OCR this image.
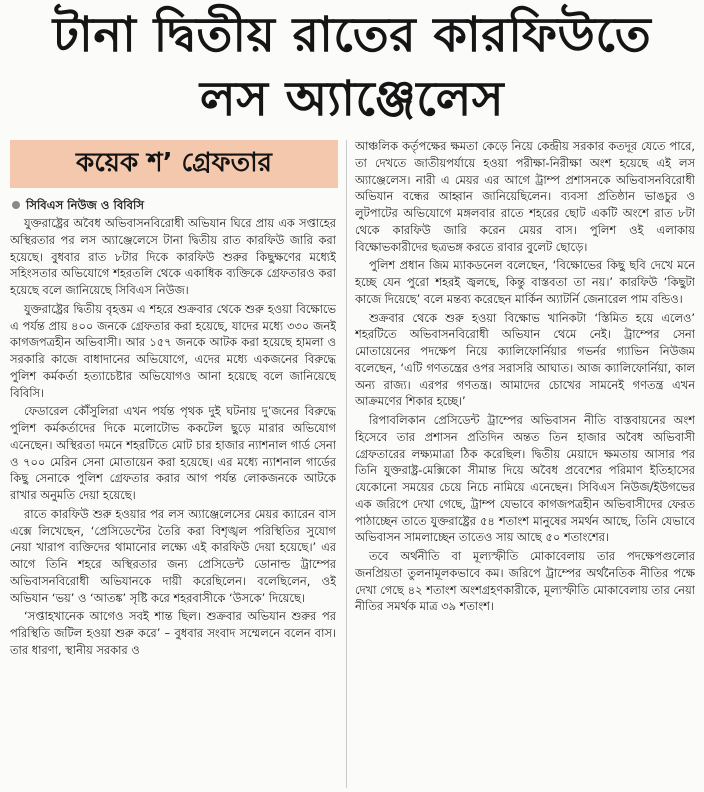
টানা দ্বিতীয় রাতের কারফিউতে
লস অ্যাঞ্জেলেস
কয়েক শ’ গ্রেফতার
সিবিএস নিউজ ও বিবিসি

যুক্তরাষ্ট্রের অবৈধ অভিবাসনবিরোধী অভিযান ঘিরে প্রায় এক সপ্তাহের অস্থিরতার পর লস অ্যাঞ্জেলেসে টানা দ্বিতীয় রাত কারফিউ জারি করা হয়েছে। বুধবার রাত ৮টার দিকে কারফিউ শুরুর কিছুক্ষণের মধ্যেই সহিংসতার অভিযোগে শহরতলি থেকে একাধিক ব্যক্তিকে গ্রেফতারও করা হয়েছে বলে জানিয়েছে সিবিএস নিউজ।

যুক্তরাষ্ট্রের দ্বিতীয় বৃহত্তম এ শহরে শুক্রবার থেকে শুরু হওয়া বিক্ষোভে এ পর্যন্ত প্রায় ৪০০ জনকে গ্রেফতার করা হয়েছে, যাদের মধ্যে ৩৩০ জনই কাগজপত্রহীন অভিবাসী। আর ১৫৭ জনকে আটক করা হয়েছে হামলা ও সরকারি কাজে বাধাদানের অভিযোগে, এদের মধ্যে একজনের বিরুদ্ধে পুলিশ কর্মকর্তা হত্যাচেষ্টার অভিযোগও আনা হয়েছে বলে জানিয়েছে বিবিসি।

ফেডারেল কৌঁসুলিরা এখন পর্যন্ত পৃথক দুই ঘটনায় দু’জনের বিরুদ্ধে পুলিশ কর্মকর্তাদের দিকে মলোটোভ ককটেল ছুড়ে মারার অভিযোগ এনেছেন। অস্থিরতা দমনে শহরটিতে মোট চার হাজার ন্যাশনাল গার্ড সেনা ও ৭০০ মেরিন সেনা মোতায়েন করা হয়েছে। এর মধ্যে ন্যাশনাল গার্ডের কিছু সেনাকে পুলিশ গ্রেফতার করার আগ পর্যন্ত লোকজনকে আটকে রাখার অনুমতি দেয়া হয়েছে।

রাতে কারফিউ শুরু হওয়ার পর লস অ্যাঞ্জেলেসের মেয়র ক্যারেন বাস এক্সে লিখেছেন, ‘প্রেসিডেন্টের তৈরি করা বিশৃঙ্খল পরিস্থিতির সুযোগ নেয়া খারাপ ব্যক্তিদের থামানোর লক্ষ্যে এই কারফিউ দেয়া হয়েছে।’ এর আগে তিনি শহরে অস্থিরতার জন্য প্রেসিডেন্ট ডোনাল্ড ট্রাম্পের অভিবাসনবিরোধী অভিযানকে দায়ী করেছিলেন। বলেছিলেন, ওই অভিযান ‘ভয়’ ও ‘আতঙ্ক’ সৃষ্টি করে শহরবাসীকে ‘উসকে’ দিয়েছে।

‘সপ্তাহখানেক আগেও সবই শান্ত ছিল। শুক্রবার অভিযান শুরুর পর পরিস্থিতি জটিল হওয়া শুরু করে’ – বুধবার সংবাদ সম্মেলনে বলেন বাস। তার ধারণা, স্থানীয় সরকার ও

আঞ্চলিক কর্তৃপক্ষের ক্ষমতা কেড়ে নিয়ে কেন্দ্রীয় সরকার কতদূর যেতে পারে, তা দেখতে জাতীয়পর্যায়ে হওয়া পরীক্ষা-নিরীক্ষা অংশ হয়েছে এই লস অ্যাঞ্জেলেস। নারী এ মেয়র এর আগে ট্রাম্প প্রশাসনকে অভিবাসনবিরোধী অভিযান বন্ধের আহ্বান জানিয়েছিলেন। ব্যবসা প্রতিষ্ঠান ভাঙচুর ও লুটপাটের অভিযোগে মঙ্গলবার রাতে শহরের ছোট একটি অংশে রাত ৮টা থেকে কারফিউ জারি করেন মেয়র বাস। পুলিশ ওই এলাকায় বিক্ষোভকারীদের ছত্রভঙ্গ করতে রাবার বুলেট ছোড়ে।

পুলিশ প্রধান জিম ম্যাকডনেল বলেছেন, ‘বিক্ষোভের কিছু ছবি দেখে মনে হচ্ছে যেন পুরো শহরই জ্বলছে, কিন্তু বাস্তবতা তা নয়।’ কারফিউ ‘কিছুটা কাজে দিয়েছে’ বলে মন্তব্য করেছেন মার্কিন অ্যাটর্নি জেনারেল পাম বন্ডিও।

শুক্রবার থেকে শুরু হওয়া বিক্ষোভ খানিকটা ‘স্তিমিত হয়ে এলেও’ শহরটিতে অভিবাসনবিরোধী অভিযান থেমে নেই। ট্রাম্পের সেনা মোতায়েনের পদক্ষেপ নিয়ে ক্যালিফোর্নিয়ার গভর্নর গ্যাভিন নিউজম বলেছেন, ‘এটি গণতন্ত্রের ওপর সরাসরি আঘাত। আজ ক্যালিফোর্নিয়া, কাল অন্য রাজ্য। এরপর গণতন্ত্র। আমাদের চোখের সামনেই গণতন্ত্র এখন আক্রমণের শিকার হচ্ছে।’

রিপাবলিকান প্রেসিডেন্ট ট্রাম্পের অভিবাসন নীতি বাস্তবায়নের অংশ হিসেবে তার প্রশাসন প্রতিদিন অন্তত তিন হাজার অবৈধ অভিবাসী গ্রেফতারের লক্ষ্যমাত্রা ঠিক করেছিল। দ্বিতীয় মেয়াদে ক্ষমতায় আসার পর তিনি যুক্তরাষ্ট্র-মেক্সিকো সীমান্ত দিয়ে অবৈধ প্রবেশের পরিমাণ ইতিহাসের যেকোনো সময়ের চেয়ে নিচে নামিয়ে এনেছেন। সিবিএস নিউজ/ইউগভের এক জরিপে দেখা গেছে, ট্রাম্প যেভাবে কাগজপত্রহীন অভিবাসীদের ফেরত পাঠাচ্ছেন তাতে যুক্তরাষ্ট্রের ৫৪ শতাংশ মানুষের সমর্থন আছে, তিনি যেভাবে অভিবাসন সামলাচ্ছেন তাতেও সায় আছে ৫০ শতাংশের।

তবে অর্থনীতি বা মূল্যস্ফীতি মোকাবেলায় তার পদক্ষেপগুলোর জনপ্রিয়তা তুলনামূলকভাবে কম। জরিপে ট্রাম্পের অর্থনৈতিক নীতির পক্ষে দেখা গেছে ৪২ শতাংশ অংশগ্রহণকারীকে, মূল্যস্ফীতি মোকাবেলায় তার নেয়া নীতির সমর্থক মাত্র ৩৯ শতাংশ।
